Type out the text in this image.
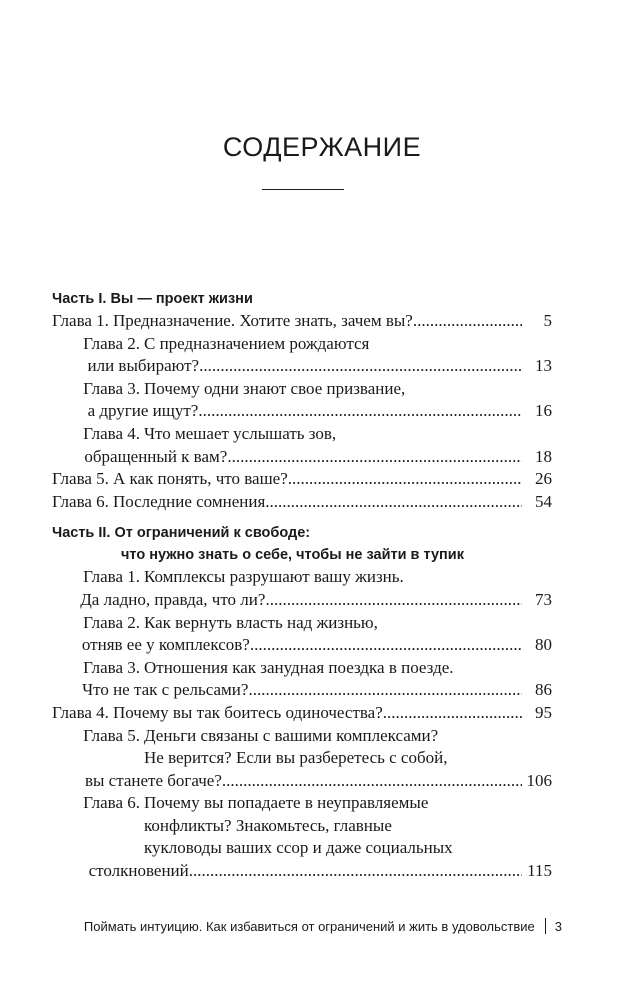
СОДЕРЖАНИЕ
Часть I. Вы — проект жизни
Глава 1. Предназначение. Хотите знать, зачем вы? .....	5
Глава 2. С предназначением рождаются
или выбирают? .....	13
Глава 3. Почему одни знают свое призвание,
а другие ищут? .....	16
Глава 4. Что мешает услышать зов,
обращенный к вам? .....	18
Глава 5. А как понять, что ваше? .....	26
Глава 6. Последние сомнения .....	54
Часть II. От ограничений к свободе:
что нужно знать о себе, чтобы не зайти в тупик
Глава 1. Комплексы разрушают вашу жизнь.
Да ладно, правда, что ли? .....	73
Глава 2. Как вернуть власть над жизнью,
отняв ее у комплексов? .....	80
Глава 3. Отношения как занудная поездка в поезде.
Что не так с рельсами? .....	86
Глава 4. Почему вы так боитесь одиночества? .....	95
Глава 5. Деньги связаны с вашими комплексами?
Не верится? Если вы разберетесь с собой,
вы станете богаче? .....	106
Глава 6. Почему вы попадаете в неуправляемые
конфликты? Знакомьтесь, главные
кукловоды ваших ссор и даже социальных
столкновений .....	115
Поймать интуицию. Как избавиться от ограничений и жить в удовольствие 3
